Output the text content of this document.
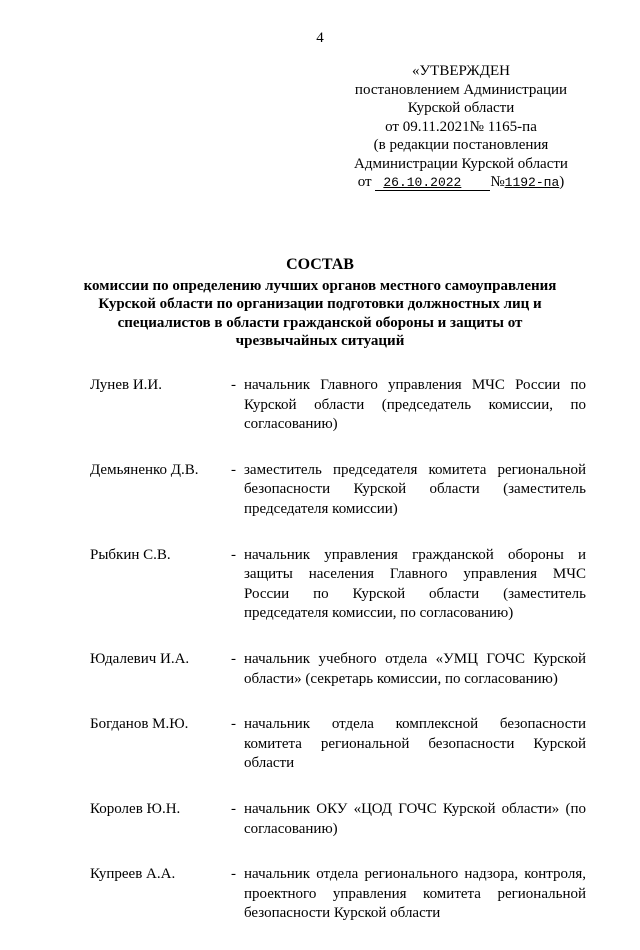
4
«УТВЕРЖДЕН
постановлением Администрации
Курской области
от 09.11.2021№ 1165-па
(в редакции постановления
Администрации Курской области
от 26.10.2022 №1192-па)
СОСТАВ
комиссии по определению лучших органов местного самоуправления
Курской области по организации подготовки должностных лиц и
специалистов в области гражданской обороны и защиты от
чрезвычайных ситуаций
Лунев И.И.	- начальник Главного управления МЧС России по Курской области (председатель комиссии, по согласованию)
Демьяненко Д.В.	- заместитель председателя комитета региональной безопасности Курской области (заместитель председателя комиссии)
Рыбкин С.В.	- начальник управления гражданской обороны и защиты населения Главного управления МЧС России по Курской области (заместитель председателя комиссии, по согласованию)
Юдалевич И.А.	- начальник учебного отдела «УМЦ ГОЧС Курской области» (секретарь комиссии, по согласованию)
Богданов М.Ю.	- начальник отдела комплексной безопасности комитета региональной безопасности Курской области
Королев Ю.Н.	- начальник ОКУ «ЦОД ГОЧС Курской области» (по согласованию)
Купреев А.А.	- начальник отдела регионального надзора, контроля, проектного управления комитета региональной безопасности Курской области
